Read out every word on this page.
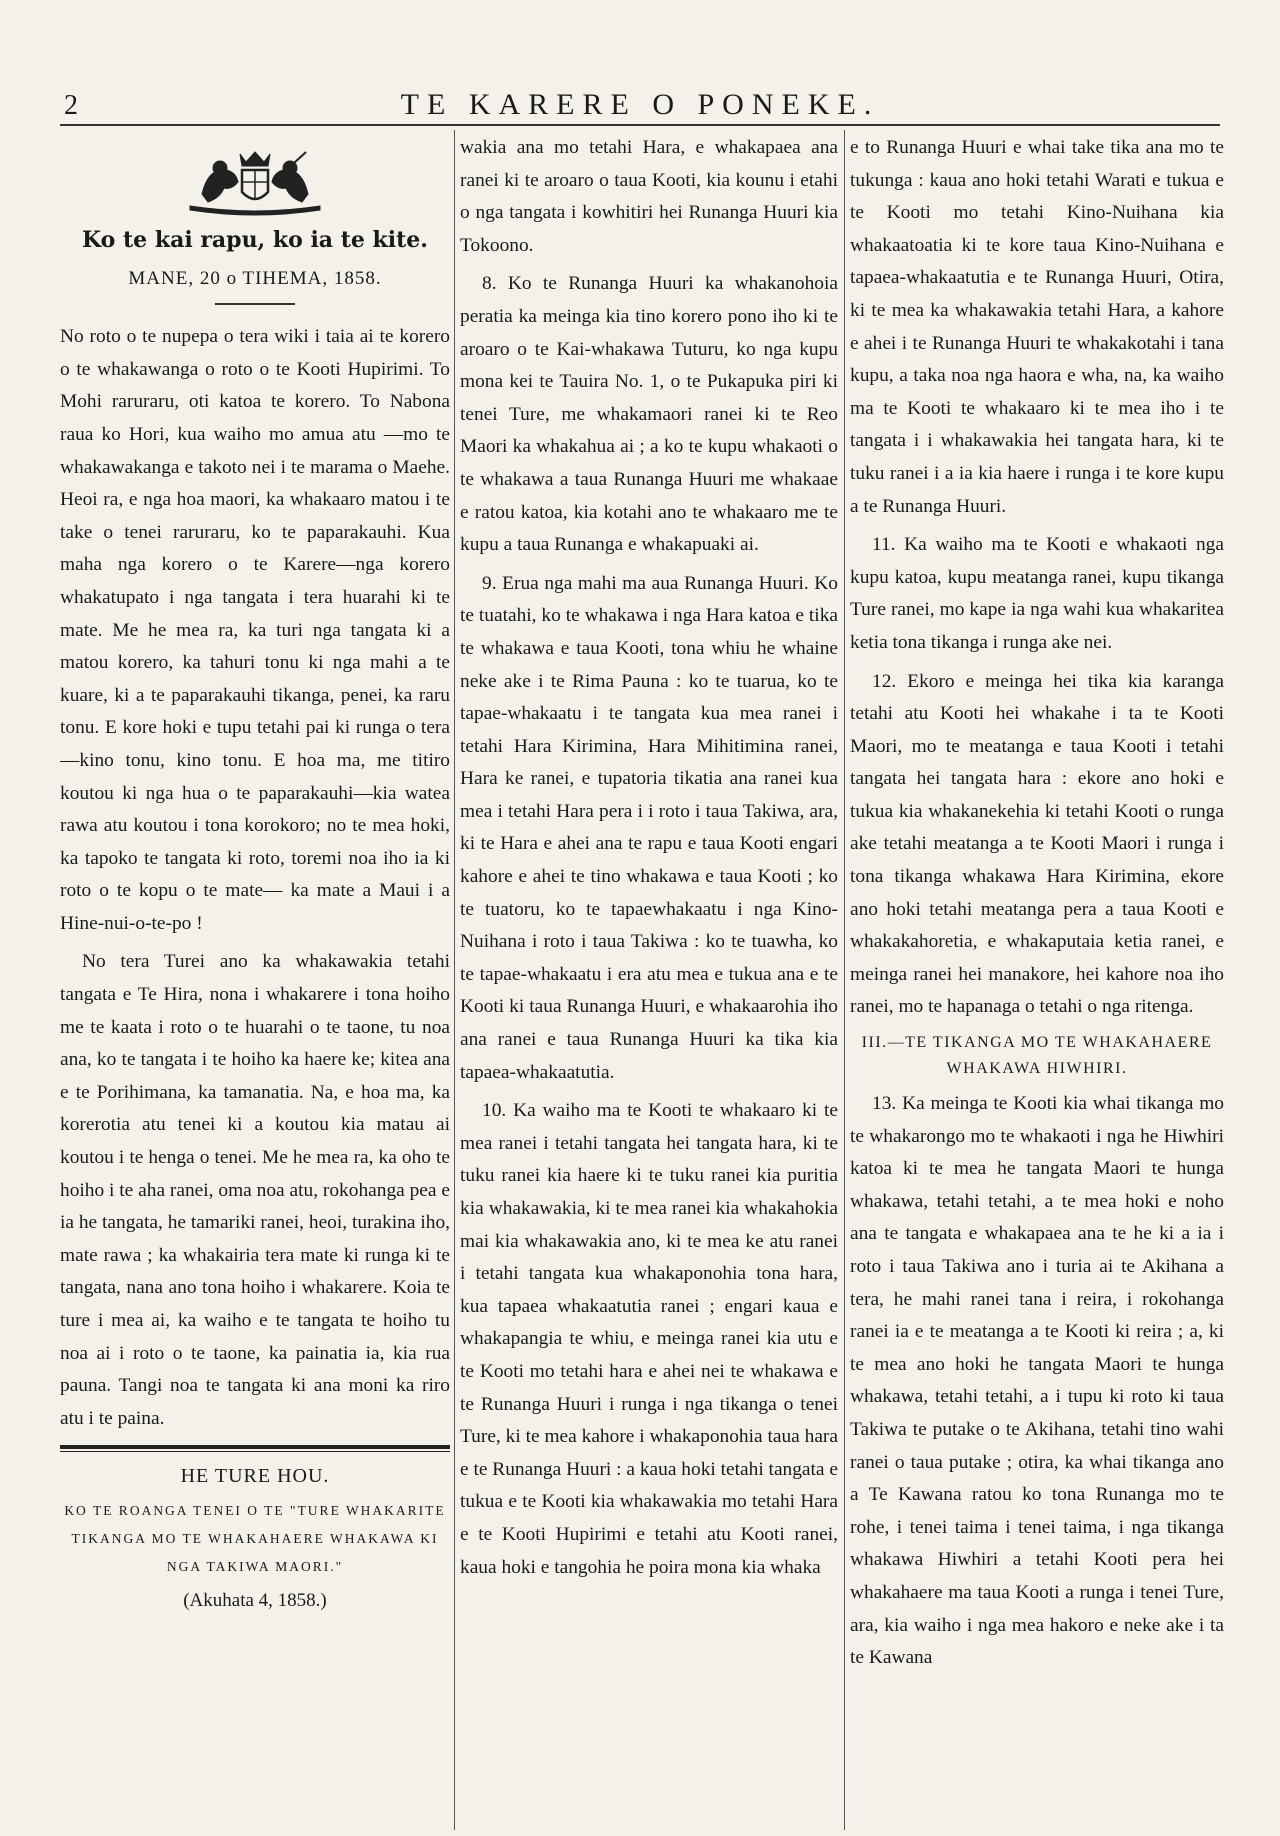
2	TE KARERE O PONEKE.
Ko te kai rapu, ko ia te kite.
MANE, 20 o TIHEMA, 1858.

No roto o te nupepa o tera wiki i taia ai te korero o te whakawanga o roto o te Kooti Hupirimi. To Mohi raruraru, oti katoa te korero. To Nabona raua ko Hori, kua waiho mo amua atu —mo te whakawakanga e takoto nei i te marama o Maehe. Heoi ra, e nga hoa maori, ka whakaaro matou i te take o tenei raruraru, ko te paparakauhi. Kua maha nga korero o te Karere—nga korero whakatupato i nga tangata i tera huarahi ki te mate. Me he mea ra, ka turi nga tangata ki a matou korero, ka tahuri tonu ki nga mahi a te kuare, ki a te paparakauhi tikanga, penei, ka raru tonu. E kore hoki e tupu tetahi pai ki runga o tera —kino tonu, kino tonu. E hoa ma, me titiro koutou ki nga hua o te paparakauhi—kia watea rawa atu koutou i tona korokoro; no te mea hoki, ka tapoko te tangata ki roto, toremi noa iho ia ki roto o te kopu o te mate— ka mate a Maui i a Hine-nui-o-te-po !

No tera Turei ano ka whakawakia tetahi tangata e Te Hira, nona i whakarere i tona hoiho me te kaata i roto o te huarahi o te taone, tu noa ana, ko te tangata i te hoiho ka haere ke; kitea ana e te Porihimana, ka tamanatia. Na, e hoa ma, ka korerotia atu tenei ki a koutou kia matau ai koutou i te henga o tenei. Me he mea ra, ka oho te hoiho i te aha ranei, oma noa atu, rokohanga pea e ia he tangata, he tamariki ranei, heoi, turakina iho, mate rawa ; ka whakairia tera mate ki runga ki te tangata, nana ano tona hoiho i whakarere. Koia te ture i mea ai, ka waiho e te tangata te hoiho tu noa ai i roto o te taone, ka painatia ia, kia rua pauna. Tangi noa te tangata ki ana moni ka riro atu i te paina.

HE TURE HOU.
KO TE ROANGA TENEI O TE "TURE WHAKARITE TIKANGA MO TE WHAKAHAERE WHAKAWA KI NGA TAKIWA MAORI."
(Akuhata 4, 1858.)

wakia ana mo tetahi Hara, e whakapaea ana ranei ki te aroaro o taua Kooti, kia kounu i etahi o nga tangata i kowhitiri hei Runanga Huuri kia Tokoono.

8. Ko te Runanga Huuri ka whakanohoia peratia ka meinga kia tino korero pono iho ki te aroaro o te Kai-whakawa Tuturu, ko nga kupu mona kei te Tauira No. 1, o te Pukapuka piri ki tenei Ture, me whakamaori ranei ki te Reo Maori ka whakahua ai ; a ko te kupu whakaoti o te whakawa a taua Runanga Huuri me whakaae e ratou katoa, kia kotahi ano te whakaaro me te kupu a taua Runanga e whakapuaki ai.

9. Erua nga mahi ma aua Runanga Huuri. Ko te tuatahi, ko te whakawa i nga Hara katoa e tika te whakawa e taua Kooti, tona whiu he whaine neke ake i te Rima Pauna : ko te tuarua, ko te tapae-whakaatu i te tangata kua mea ranei i tetahi Hara Kirimina, Hara Mihitimina ranei, Hara ke ranei, e tupatoria tikatia ana ranei kua mea i tetahi Hara pera i i roto i taua Takiwa, ara, ki te Hara e ahei ana te rapu e taua Kooti engari kahore e ahei te tino whakawa e taua Kooti ; ko te tuatoru, ko te tapaewhakaatu i nga Kino-Nuihana i roto i taua Takiwa : ko te tuawha, ko te tapae-whakaatu i era atu mea e tukua ana e te Kooti ki taua Runanga Huuri, e whakaarohia iho ana ranei e taua Runanga Huuri ka tika kia tapaea-whakaatutia.

10. Ka waiho ma te Kooti te whakaaro ki te mea ranei i tetahi tangata hei tangata hara, ki te tuku ranei kia haere ki te tuku ranei kia puritia kia whakawakia, ki te mea ranei kia whakahokia mai kia whakawakia ano, ki te mea ke atu ranei i tetahi tangata kua whakaponohia tona hara, kua tapaea whakaatutia ranei ; engari kaua e whakapangia te whiu, e meinga ranei kia utu e te Kooti mo tetahi hara e ahei nei te whakawa e te Runanga Huuri i runga i nga tikanga o tenei Ture, ki te mea kahore i whakaponohia taua hara e te Runanga Huuri : a kaua hoki tetahi tangata e tukua e te Kooti kia whakawakia mo tetahi Hara e te Kooti Hupirimi e tetahi atu Kooti ranei, kaua hoki e tangohia he poira mona kia whaka

e to Runanga Huuri e whai take tika ana mo te tukunga : kaua ano hoki tetahi Warati e tukua e te Kooti mo tetahi Kino-Nuihana kia whakaatoatia ki te kore taua Kino-Nuihana e tapaea-whakaatutia e te Runanga Huuri, Otira, ki te mea ka whakawakia tetahi Hara, a kahore e ahei i te Runanga Huuri te whakakotahi i tana kupu, a taka noa nga haora e wha, na, ka waiho ma te Kooti te whakaaro ki te mea iho i te tangata i i whakawakia hei tangata hara, ki te tuku ranei i a ia kia haere i runga i te kore kupu a te Runanga Huuri.

11. Ka waiho ma te Kooti e whakaoti nga kupu katoa, kupu meatanga ranei, kupu tikanga Ture ranei, mo kape ia nga wahi kua whakaritea ketia tona tikanga i runga ake nei.

12. Ekoro e meinga hei tika kia karanga tetahi atu Kooti hei whakahe i ta te Kooti Maori, mo te meatanga e taua Kooti i tetahi tangata hei tangata hara : ekore ano hoki e tukua kia whakanekehia ki tetahi Kooti o runga ake tetahi meatanga a te Kooti Maori i runga i tona tikanga whakawa Hara Kirimina, ekore ano hoki tetahi meatanga pera a taua Kooti e whakakahoretia, e whakaputaia ketia ranei, e meinga ranei hei manakore, hei kahore noa iho ranei, mo te hapanaga o tetahi o nga ritenga.

III.—TE TIKANGA MO TE WHAKAHAERE WHAKAWA HIWHIRI.

13. Ka meinga te Kooti kia whai tikanga mo te whakarongo mo te whakaoti i nga he Hiwhiri katoa ki te mea he tangata Maori te hunga whakawa, tetahi tetahi, a te mea hoki e noho ana te tangata e whakapaea ana te he ki a ia i roto i taua Takiwa ano i turia ai te Akihana a tera, he mahi ranei tana i reira, i rokohanga ranei ia e te meatanga a te Kooti ki reira ; a, ki te mea ano hoki he tangata Maori te hunga whakawa, tetahi tetahi, a i tupu ki roto ki taua Takiwa te putake o te Akihana, tetahi tino wahi ranei o taua putake ; otira, ka whai tikanga ano a Te Kawana ratou ko tona Runanga mo te rohe, i tenei taima i tenei taima, i nga tikanga whakawa Hiwhiri a tetahi Kooti pera hei whakahaere ma taua Kooti a runga i tenei Ture, ara, kia waiho i nga mea hakoro e neke ake i ta te Kawana
